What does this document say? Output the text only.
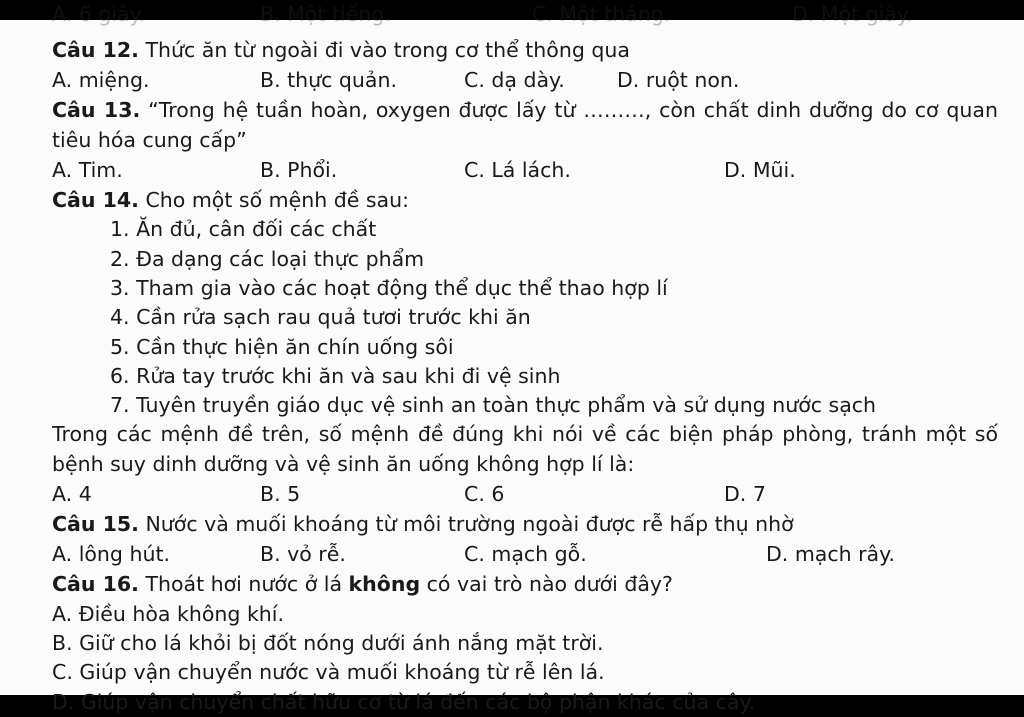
A. 6 giây.	B. Một tiếng.	C. Một tháng.	D. Một giây.
Câu 12. Thức ăn từ ngoài đi vào trong cơ thể thông qua
A. miệng.	B. thực quản.	C. dạ dày.	D. ruột non.
Câu 13. “Trong hệ tuần hoàn, oxygen được lấy từ ………, còn chất dinh dưỡng do cơ quan tiêu hóa cung cấp”
A. Tim.	B. Phổi.	C. Lá lách.	D. Mũi.
Câu 14. Cho một số mệnh đề sau:
1. Ăn đủ, cân đối các chất
2. Đa dạng các loại thực phẩm
3. Tham gia vào các hoạt động thể dục thể thao hợp lí
4. Cần rửa sạch rau quả tươi trước khi ăn
5. Cần thực hiện ăn chín uống sôi
6. Rửa tay trước khi ăn và sau khi đi vệ sinh
7. Tuyên truyền giáo dục vệ sinh an toàn thực phẩm và sử dụng nước sạch
Trong các mệnh đề trên, số mệnh đề đúng khi nói về các biện pháp phòng, tránh một số bệnh suy dinh dưỡng và vệ sinh ăn uống không hợp lí là:
A. 4	B. 5	C. 6	D. 7
Câu 15. Nước và muối khoáng từ môi trường ngoài được rễ hấp thụ nhờ
A. lông hút.	B. vỏ rễ.	C. mạch gỗ.	D. mạch rây.
Câu 16. Thoát hơi nước ở lá không có vai trò nào dưới đây?
A. Điều hòa không khí.
B. Giữ cho lá khỏi bị đốt nóng dưới ánh nắng mặt trời.
C. Giúp vận chuyển nước và muối khoáng từ rễ lên lá.
D. Giúp vận chuyển chất hữu cơ từ lá đến các bộ phận khác của cây.
